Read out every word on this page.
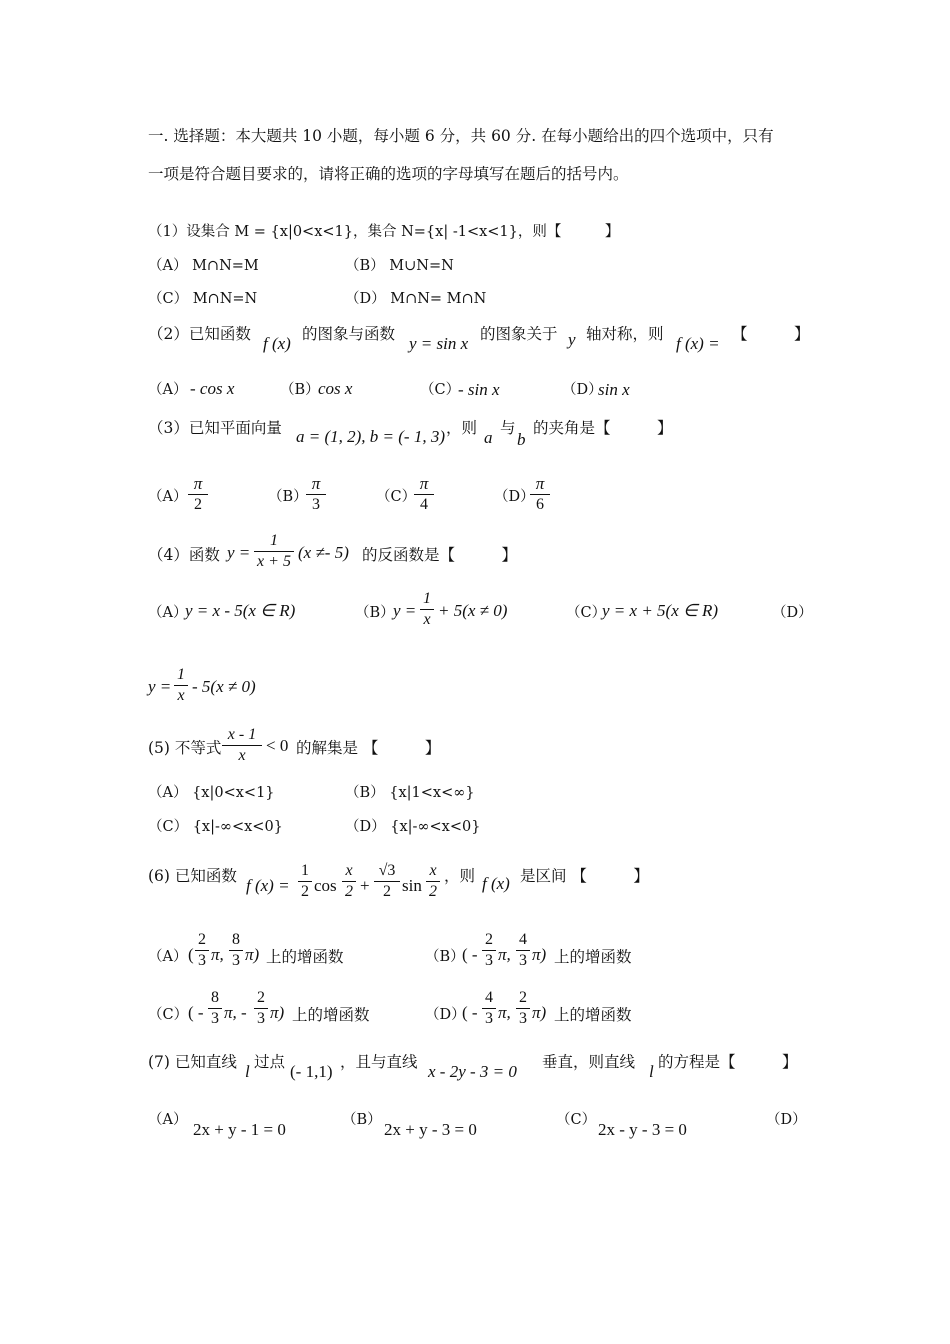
一. 选择题：本大题共 10 小题，每小题 6 分，共 60 分. 在每小题给出的四个选项中，只有
一项是符合题目要求的，请将正确的选项的字母填写在题后的括号内。
（1）设集合 M = {x|0<x<1}，集合 N={x| -1<x<1}，则【　　　】
（A） M∩N=M	（B） M∪N=N
（C） M∩N=N	（D） M∩N= M∩N
（2）已知函数 f (x) 的图象与函数 y = sin x 的图象关于 y 轴对称，则 f (x) = 【　　　】
（A） - cos x	（B）
cos x	（C）
- sin x	（D）
sin x
（3）已知平面向量 a = (1, 2), b = (- 1, 3) ，则 a 与
b
的夹角是【　　　】
（A）
π
2	（B）
π
3	（C）
π
4	（D）
π
6
（4）函数 y =
1
x + 5 (x ≠- 5) 的反函数是【　　　】
（A）
y = x - 5(x ∈ R)	（B）
y =
1
x + 5(x ≠ 0)	（C）
y = x + 5(x ∈ R)	（D）
y =
1
x - 5(x ≠ 0)
(5) 不等式
x - 1
x
< 0 的解集是 【　　　】
（A） {x|0<x<1}	（B） {x|1<x<∞}
（C） {x|-∞<x<0}	（D） {x|-∞<x<0}
(6) 已知函数 f (x) =
1
2 cos
x
2 +
√3
2 sin
x
2
，则 f (x) 是区间 【　　　】
（A） (
2
3 π,
8
3 π) 上的增函数	（B）
( -
2
3 π,
4
3 π) 上的增函数
（C） ( -
8
3 π, -
2
3 π) 上的增函数	（D）
( -
4
3 π,
2
3 π) 上的增函数
(7) 已知直线 l 过点 (- 1,1) ，且与直线 x - 2y - 3 = 0 垂直，则直线 l 的方程是【　　　】
（A） 2x + y - 1 = 0	（B） 2x + y - 3 = 0	（C） 2x - y - 3 = 0	（D）
